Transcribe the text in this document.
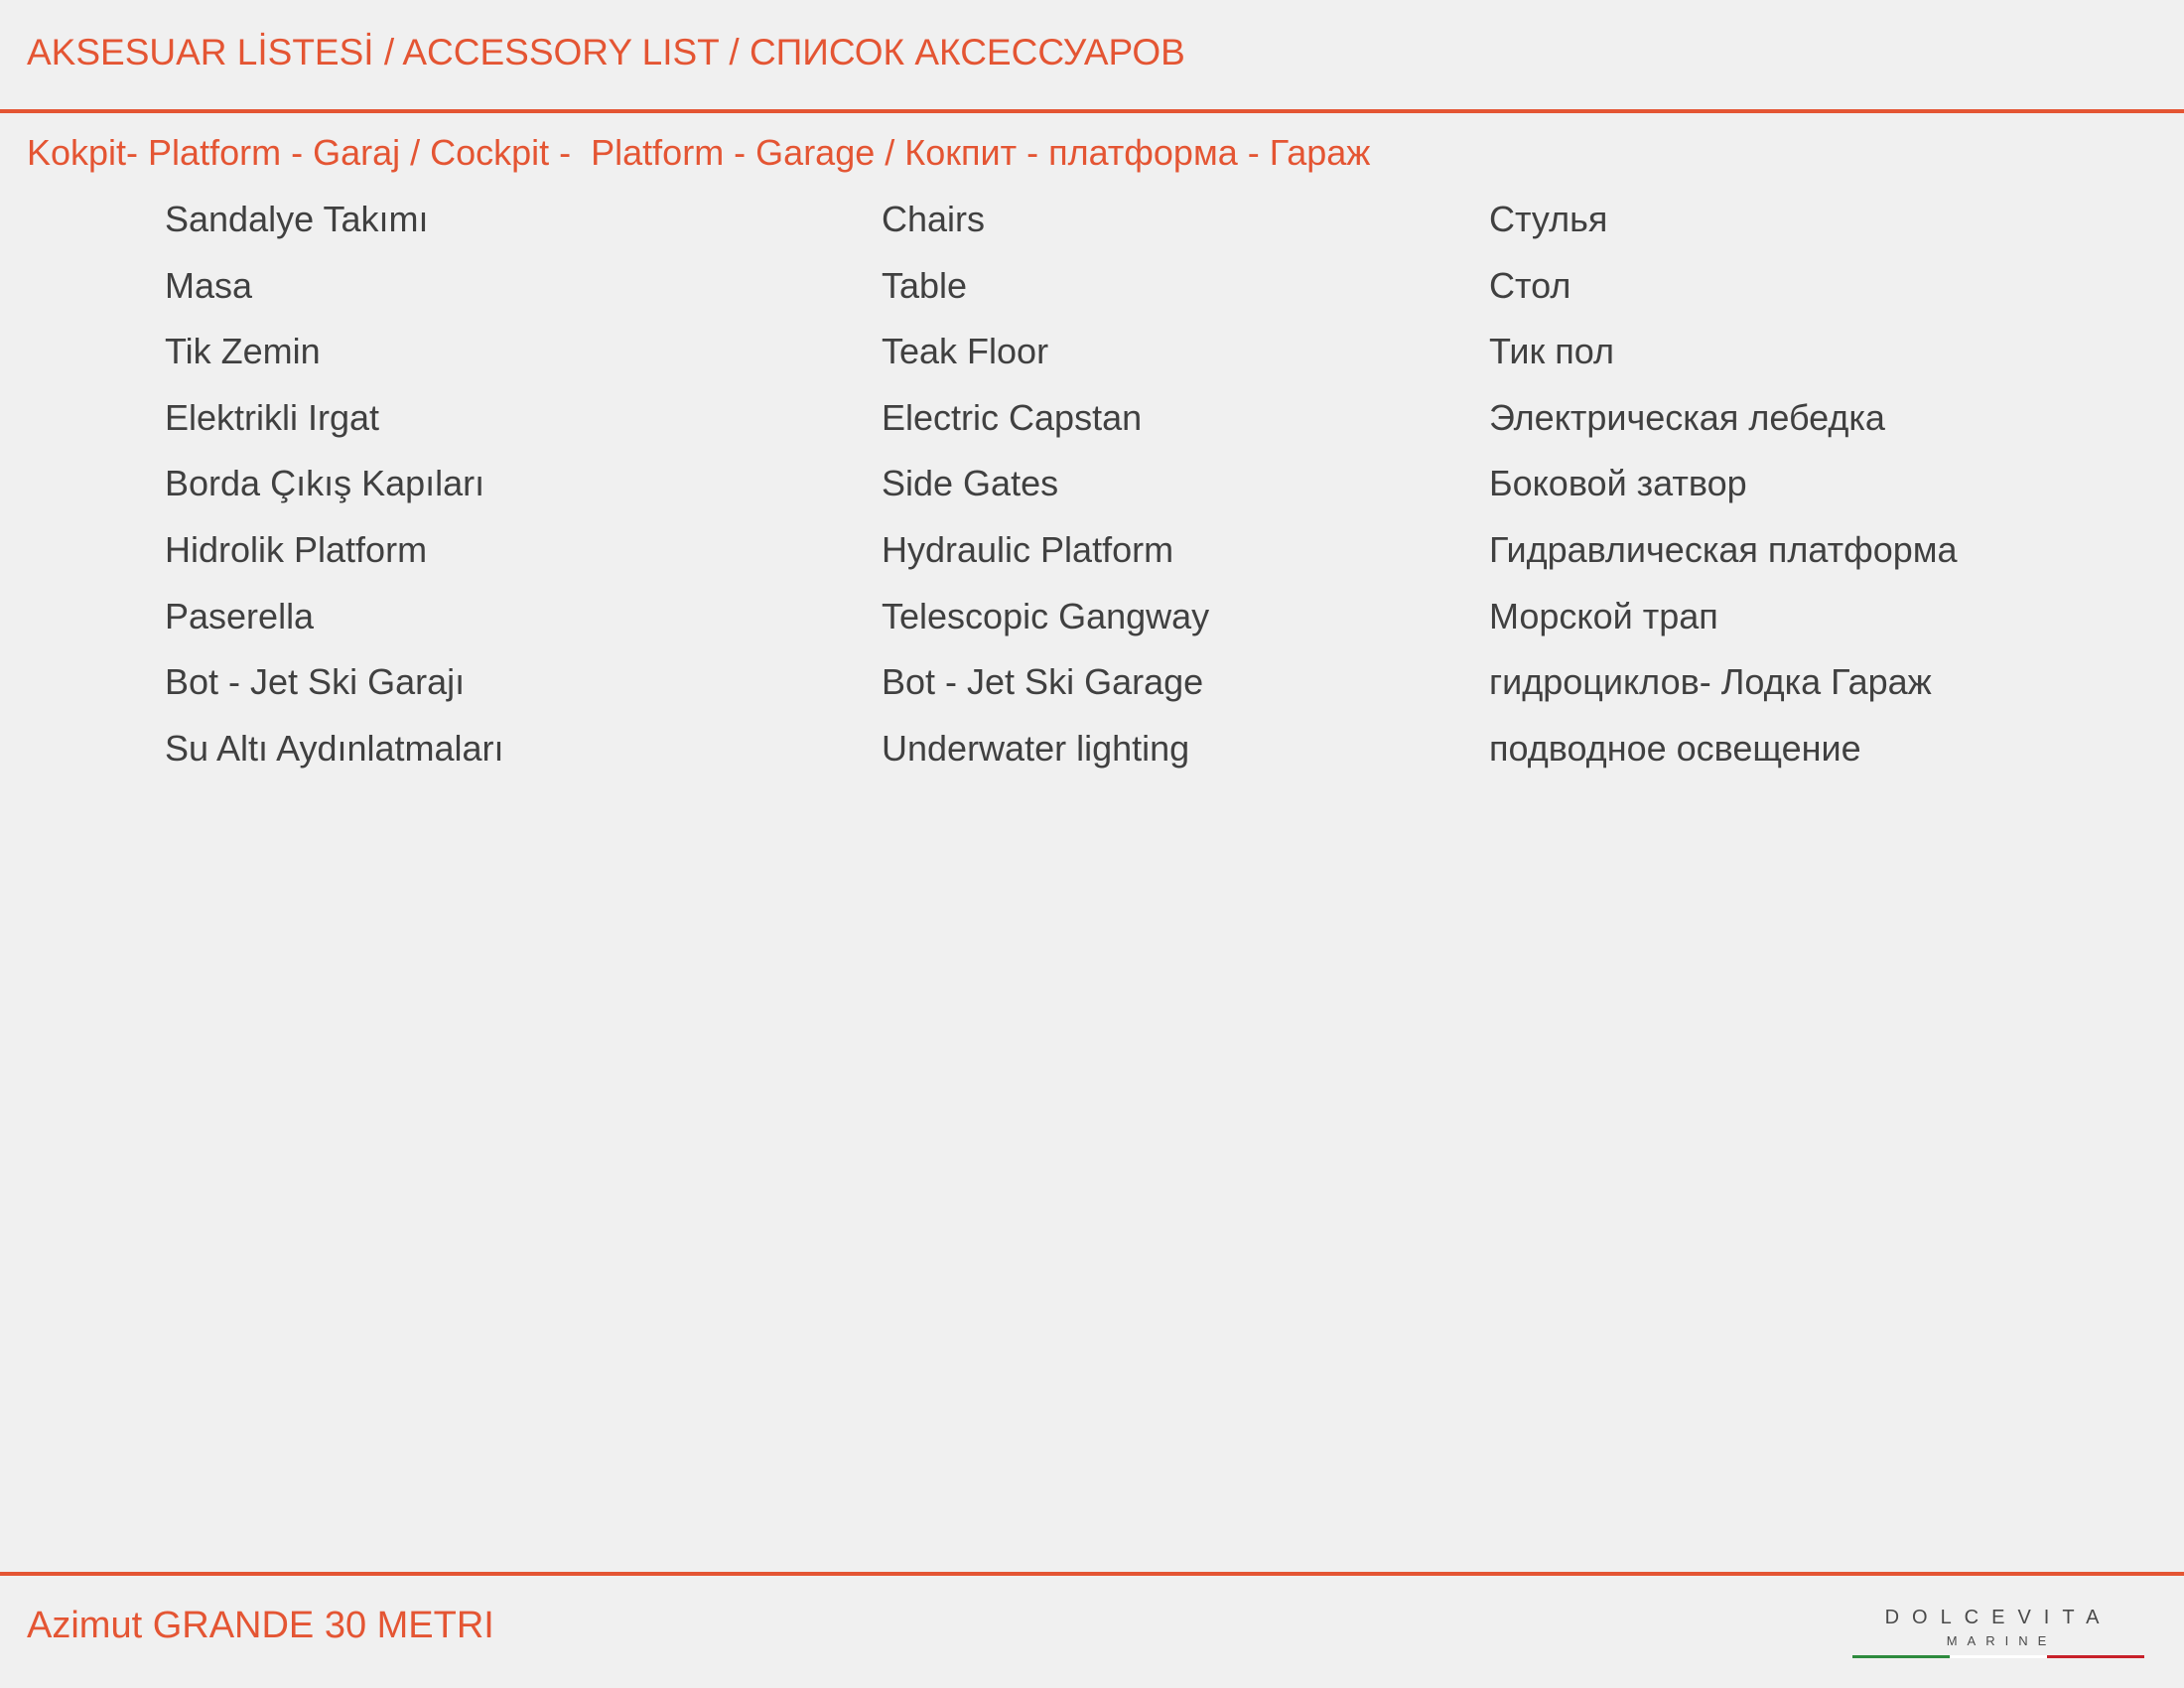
AKSESUAR LİSTESİ / ACCESSORY LIST / СПИСОК АКСЕССУАРОВ
Kokpit- Platform - Garaj / Cockpit -  Platform - Garage / Кокпит - платформа - Гараж
Sandalye Takımı	Chairs	Стулья
Masa	Table	Стол
Tik Zemin	Teak Floor	Тик пол
Elektrikli Irgat	Electric Capstan	Электрическая лебедка
Borda Çıkış Kapıları	Side Gates	Боковой затвор
Hidrolik Platform	Hydraulic Platform	Гидравлическая платформа
Paserella	Telescopic Gangway	Морской трап
Bot - Jet Ski Garajı	Bot - Jet Ski Garage	гидроциклов- Лодка Гараж
Su Altı Aydınlatmaları	Underwater lighting	подводное освещение
Azimut GRANDE 30 METRI	DOLCEVITA
MARINE
